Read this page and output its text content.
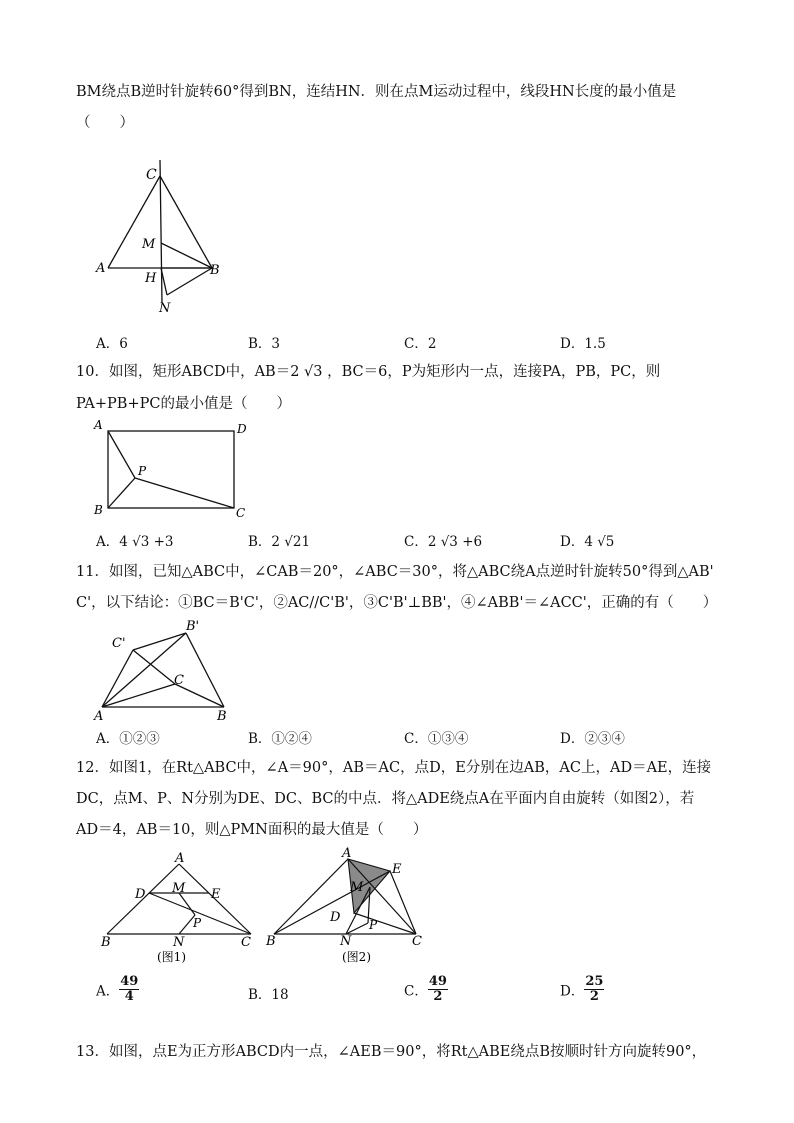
BM绕点B逆时针旋转60°得到BN，连结HN．则在点M运动过程中，线段HN长度的最小值是
（　　）
C
M
A
H
B
N
A．6	B．3	C．2	D．1.5
10．如图，矩形ABCD中，AB＝2 √3 ，BC＝6，P为矩形内一点，连接PA，PB，PC，则
PA+PB+PC的最小值是（　　）
A	D
P
B	C
A．4 √3 +3	B．2 √21	C．2 √3 +6	D．4 √5
11．如图，已知△ABC中，∠CAB＝20°，∠ABC＝30°，将△ABC绕A点逆时针旋转50°得到△AB'
C'，以下结论：①BC＝B'C'，②AC//C'B'，③C'B'⊥BB'，④∠ABB'＝∠ACC'，正确的有（　　）
C'
B'
C
A	B
A．①②③	B．①②④	C．①③④	D．②③④
12．如图1，在Rt△ABC中，∠A＝90°，AB＝AC，点D，E分别在边AB，AC上，AD＝AE，连接
DC，点M、P、N分别为DE、DC、BC的中点．将△ADE绕点A在平面内自由旋转（如图2），若
AD＝4，AB＝10，则△PMN面积的最大值是（　　）
A
D M E
P
B	N	C
(图1)
A
E
M
D P
B	N	C
(图2)
A． $\frac{49}{4}$	B．18	C． $\frac{49}{2}$	D． $\frac{25}{2}$
13．如图，点E为正方形ABCD内一点，∠AEB＝90°，将Rt△ABE绕点B按顺时针方向旋转90°，
